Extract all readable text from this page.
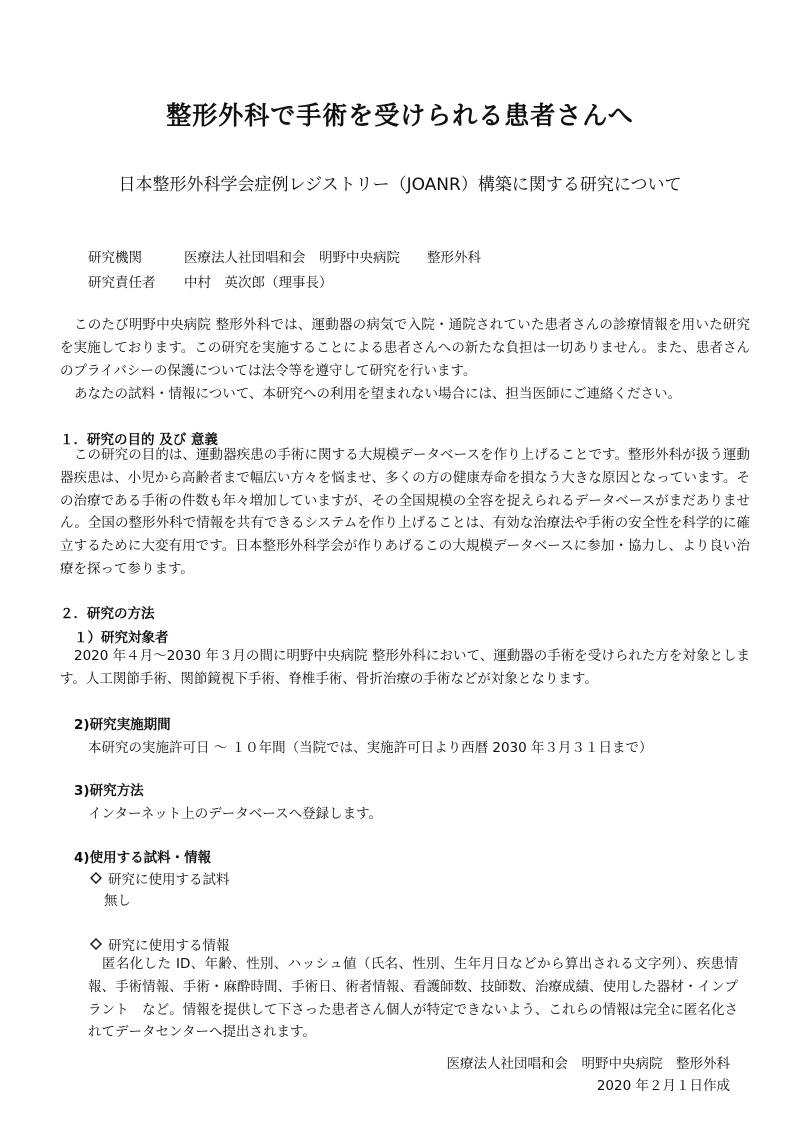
整形外科で手術を受けられる患者さんへ
日本整形外科学会症例レジストリー（JOANR）構築に関する研究について
研究機関	医療法人社団唱和会　明野中央病院　　整形外科
研究責任者 中村　英次郎（理事長）
このたび明野中央病院 整形外科では、運動器の病気で入院・通院されていた患者さんの診療情報を用いた研究を実施しております。この研究を実施することによる患者さんへの新たな負担は一切ありません。また、患者さんのプライバシーの保護については法令等を遵守して研究を行います。
あなたの試料・情報について、本研究への利用を望まれない場合には、担当医師にご連絡ください。
１．研究の目的 及び 意義
この研究の目的は、運動器疾患の手術に関する大規模データベースを作り上げることです。整形外科が扱う運動器疾患は、小児から高齢者まで幅広い方々を悩ませ、多くの方の健康寿命を損なう大きな原因となっています。その治療である手術の件数も年々増加していますが、その全国規模の全容を捉えられるデータベースがまだありません。全国の整形外科で情報を共有できるシステムを作り上げることは、有効な治療法や手術の安全性を科学的に確立するために大変有用です。日本整形外科学会が作りあげるこの大規模データベースに参加・協力し、より良い治療を探って参ります。
２．研究の方法
１）研究対象者
2020 年４月〜2030 年３月の間に明野中央病院 整形外科において、運動器の手術を受けられた方を対象とします。人工関節手術、関節鏡視下手術、脊椎手術、骨折治療の手術などが対象となります。
2)研究実施期間
本研究の実施許可日 〜 １０年間（当院では、実施許可日より西暦 2030 年３月３１日まで）
3)研究方法
インターネット上のデータベースへ登録します。
4)使用する試料・情報
研究に使用する試料
無し
研究に使用する情報
匿名化した ID、年齢、性別、ハッシュ値（氏名、性別、生年月日などから算出される文字列）、疾患情報、手術情報、手術・麻酔時間、手術日、術者情報、看護師数、技師数、治療成績、使用した器材・インプラント　など。情報を提供して下さった患者さん個人が特定できないよう、これらの情報は完全に匿名化されてデータセンターへ提出されます。
医療法人社団唱和会　明野中央病院　整形外科
2020 年２月１日作成
